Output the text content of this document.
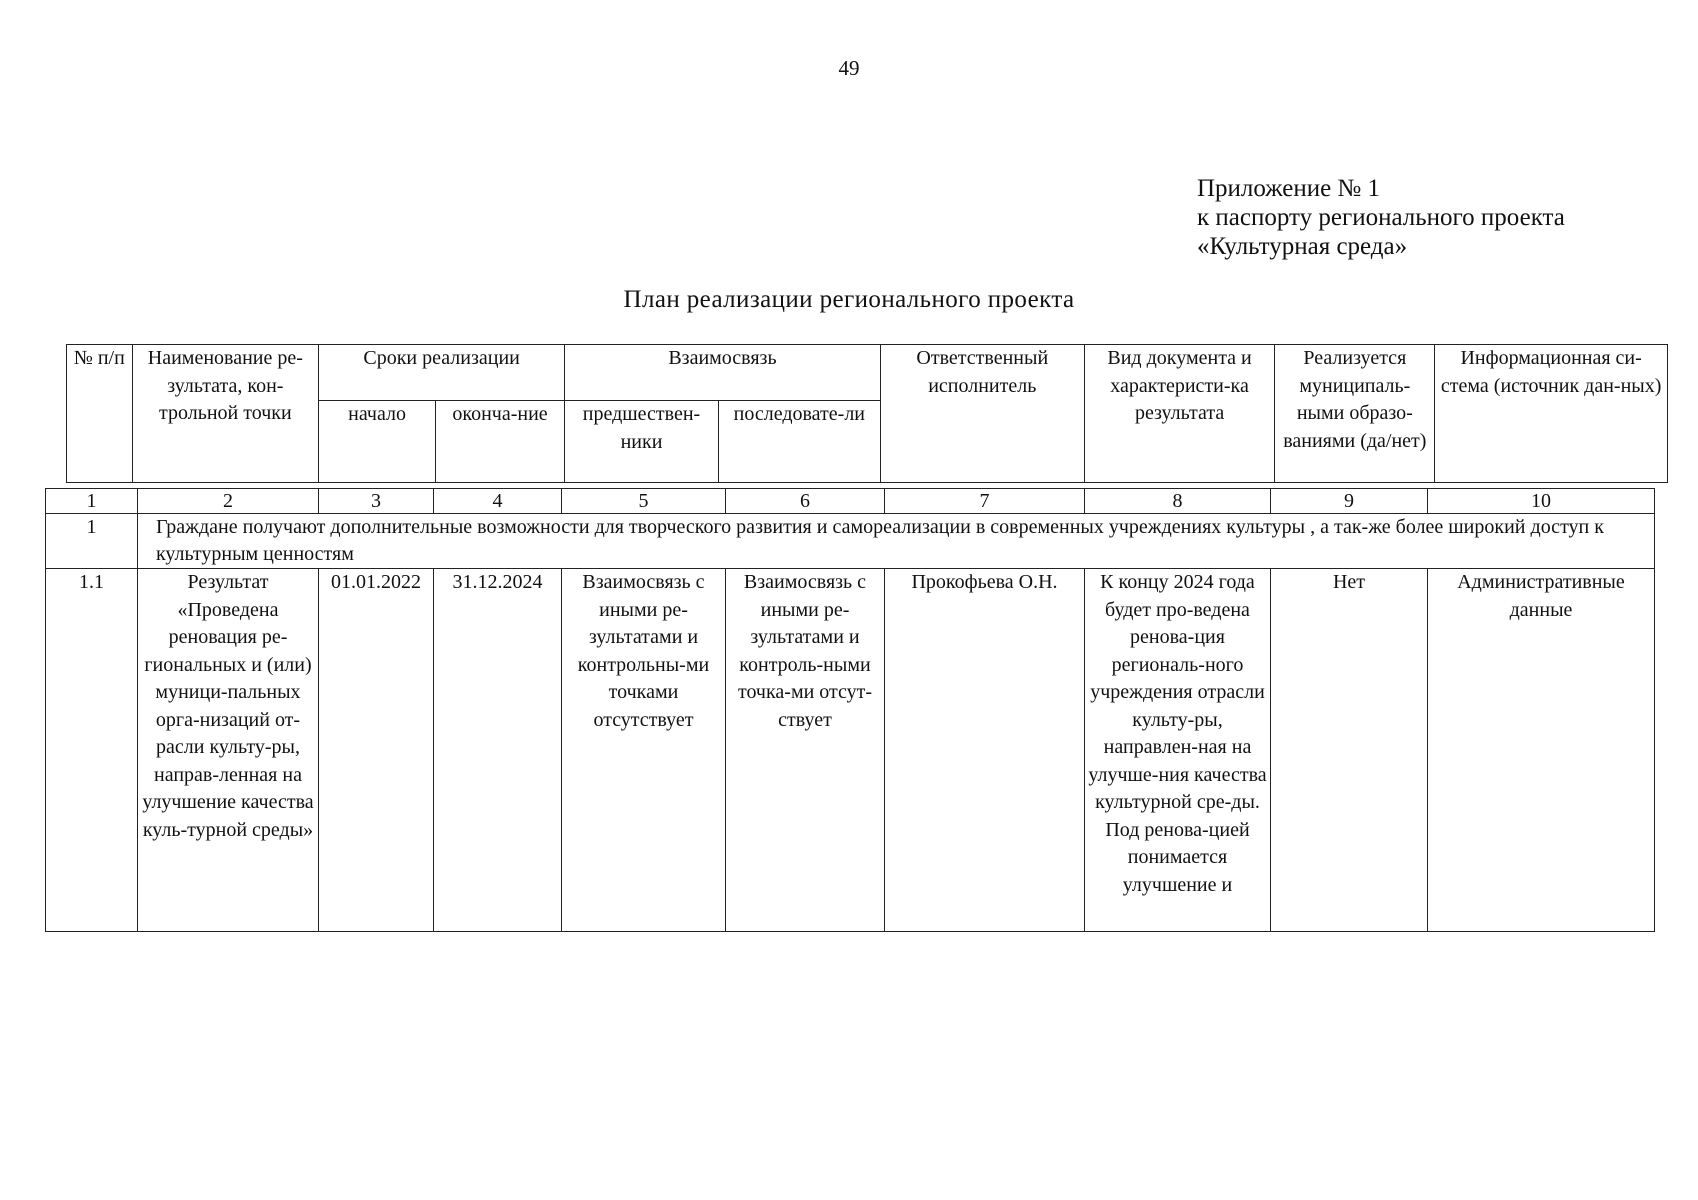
49
Приложение № 1
к паспорту регионального проекта
«Культурная среда»
План реализации регионального проекта
№ п/п	Наименование ре-зультата, кон-трольной точки	Сроки реализации		Взаимосвязь		Ответственный исполнитель	Вид документа и характеристи-ка результата	Реализуется муниципаль-ными образо-ваниями (да/нет)	Информационная си-стема (источник дан-ных)
		начало	оконча-ние	предшествен-ники	последовате-ли				
1	2	3	4	5	6	7	8	9	10
1	Граждане получают дополнительные возможности для творческого развития и самореализации в современных учреждениях культуры , а так-же более широкий доступ к культурным ценностям								
1.1	Результат «Проведена реновация ре-гиональных и (или) муници-пальных орга-низаций от-расли культу-ры, направ-ленная на улучшение качества куль-турной среды»	01.01.2022	31.12.2024	Взаимосвязь с иными ре-зультатами и контрольны-ми точками отсутствует	Взаимосвязь с иными ре-зультатами и контроль-ными точка-ми отсут-ствует	Прокофьева О.Н.	К концу 2024 года будет про-ведена ренова-ция региональ-ного учреждения отрасли культу-ры, направлен-ная на улучше-ния качества культурной сре-ды. Под ренова-цией понимается улучшение и	Нет	Административные данные
